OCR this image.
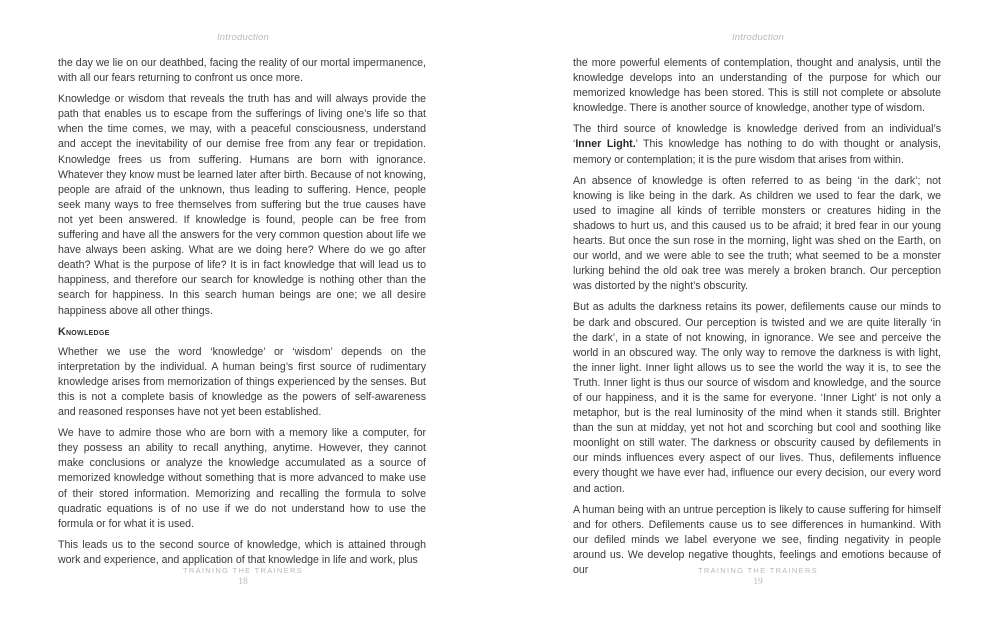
Introduction

the day we lie on our deathbed, facing the reality of our mortal impermanence, with all our fears returning to confront us once more.

Knowledge or wisdom that reveals the truth has and will always provide the path that enables us to escape from the sufferings of living one’s life so that when the time comes, we may, with a peaceful consciousness, understand and accept the inevitability of our demise free from any fear or trepidation. Knowledge frees us from suffering. Humans are born with ignorance. Whatever they know must be learned later after birth. Because of not knowing, people are afraid of the unknown, thus leading to suffering. Hence, people seek many ways to free themselves from suffering but the true causes have not yet been answered. If knowledge is found, people can be free from suffering and have all the answers for the very common question about life we have always been asking. What are we doing here? Where do we go after death? What is the purpose of life? It is in fact knowledge that will lead us to happiness, and therefore our search for knowledge is nothing other than the search for happiness. In this search human beings are one; we all desire happiness above all other things.

Knowledge

Whether we use the word ‘knowledge’ or ‘wisdom’ depends on the interpretation by the individual. A human being’s first source of rudimentary knowledge arises from memorization of things experienced by the senses. But this is not a complete basis of knowledge as the powers of self-awareness and reasoned responses have not yet been established.

We have to admire those who are born with a memory like a computer, for they possess an ability to recall anything, anytime. However, they cannot make conclusions or analyze the knowledge accumulated as a source of memorized knowledge without something that is more advanced to make use of their stored information. Memorizing and recalling the formula to solve quadratic equations is of no use if we do not understand how to use the formula or for what it is used.

This leads us to the second source of knowledge, which is attained through work and experience, and application of that knowledge in life and work, plus

TRAINING THE TRAINERS
18
Introduction

the more powerful elements of contemplation, thought and analysis, until the knowledge develops into an understanding of the purpose for which our memorized knowledge has been stored. This is still not complete or absolute knowledge. There is another source of knowledge, another type of wisdom.

The third source of knowledge is knowledge derived from an individual’s ‘Inner Light.’ This knowledge has nothing to do with thought or analysis, memory or contemplation; it is the pure wisdom that arises from within.

An absence of knowledge is often referred to as being ‘in the dark’; not knowing is like being in the dark. As children we used to fear the dark, we used to imagine all kinds of terrible monsters or creatures hiding in the shadows to hurt us, and this caused us to be afraid; it bred fear in our young hearts. But once the sun rose in the morning, light was shed on the Earth, on our world, and we were able to see the truth; what seemed to be a monster lurking behind the old oak tree was merely a broken branch. Our perception was distorted by the night’s obscurity.

But as adults the darkness retains its power, defilements cause our minds to be dark and obscured. Our perception is twisted and we are quite literally ‘in the dark’, in a state of not knowing, in ignorance. We see and perceive the world in an obscured way. The only way to remove the darkness is with light, the inner light. Inner light allows us to see the world the way it is, to see the Truth. Inner light is thus our source of wisdom and knowledge, and the source of our happiness, and it is the same for everyone. ‘Inner Light’ is not only a metaphor, but is the real luminosity of the mind when it stands still. Brighter than the sun at midday, yet not hot and scorching but cool and soothing like moonlight on still water. The darkness or obscurity caused by defilements in our minds influences every aspect of our lives. Thus, defilements influence every thought we have ever had, influence our every decision, our every word and action.

A human being with an untrue perception is likely to cause suffering for himself and for others. Defilements cause us to see differences in humankind. With our defiled minds we label everyone we see, finding negativity in people around us. We develop negative thoughts, feelings and emotions because of our	TRAINING THE TRAINERS
19
